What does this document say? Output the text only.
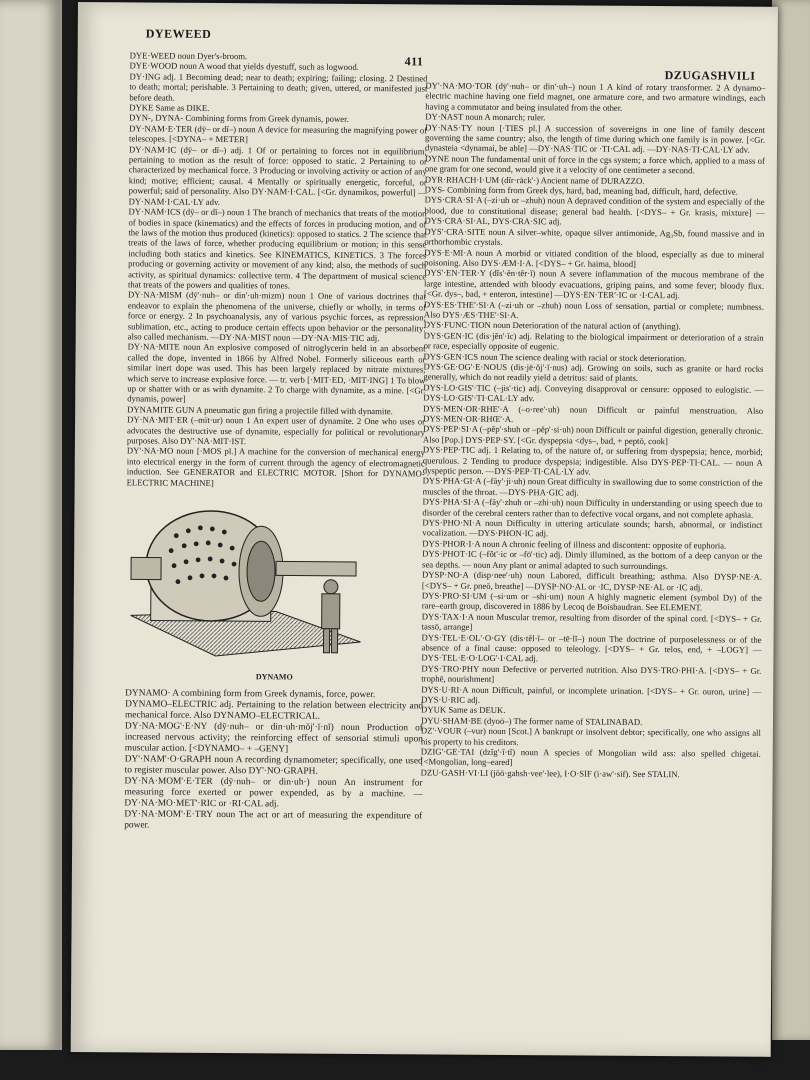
DYEWEED
411
DZUGASHVILI

DYE·WEED noun Dyer's-broom.

DYE·WOOD noun A wood that yields dyestuff, such as logwood.

DY·ING adj. 1 Becoming dead; near to death; expiring; failing; closing. 2 Destined to death; mortal; perishable. 3 Pertaining to death; given, uttered, or manifested just before death.

DYKE Same as DIKE.

DYN-, DYNA- Combining forms from Greek dynamis, power.

DY·NAM·E·TER (dȳ– or dĭ–) noun A device for measuring the magnifying power of telescopes. [<DYNA– + METER]

DY·NAM·IC (dȳ– or dĭ–) adj. 1 Of or pertaining to forces not in equilibrium; pertaining to motion as the result of force: opposed to static. 2 Pertaining to or characterized by mechanical force. 3 Producing or involving activity or action of any kind; motive; efficient; causal. 4 Mentally or spiritually energetic, forceful, or powerful; said of personality. Also DY·NAM·I·CAL. [<Gr. dynamikos, powerful] —DY·NAM·I·CAL·LY adv.

DY·NAM·ICS (dȳ– or dĭ–) noun 1 The branch of mechanics that treats of the motion of bodies in space (kinematics) and the effects of forces in producing motion, and of the laws of the motion thus produced (kinetics): opposed to statics. 2 The science that treats of the laws of force, whether producing equilibrium or motion; in this sense including both statics and kinetics. See KINEMATICS, KINETICS. 3 The forces producing or governing activity or movement of any kind; also, the methods of such activity, as spiritual dynamics: collective term. 4 The department of musical science that treats of the powers and qualities of tones.

DY·NA·MISM (dȳ'·nuh– or din'·uh·mizm) noun 1 One of various doctrines that endeavor to explain the phenomena of the universe, chiefly or wholly, in terms of force or energy. 2 In psychoanalysis, any of various psychic forces, as repression, sublimation, etc., acting to produce certain effects upon behavior or the personality: also called mechanism. —DY·NA·MIST noun —DY·NA·MIS·TIC adj.

DY·NA·MITE noun An explosive composed of nitroglycerin held in an absorbent called the dope, invented in 1866 by Alfred Nobel. Formerly siliceous earth or similar inert dope was used. This has been largely replaced by nitrate mixtures, which serve to increase explosive force. — tr. verb [·MIT·ED, ·MIT·ING] 1 To blow up or shatter with or as with dynamite. 2 To charge with dynamite, as a mine. [<Gr. dynamis, power]

DYNAMITE GUN A pneumatic gun firing a projectile filled with dynamite.

DY·NA·MIT·ER (–mīt·ur) noun 1 An expert user of dynamite. 2 One who uses or advocates the destructive use of dynamite, especially for political or revolutionary purposes. Also DY'·NA·MIT·IST.

DY'·NA·MO noun [·MOS pl.] A machine for the conversion of mechanical energy into electrical energy in the form of current through the agency of electromagnetic induction. See GENERATOR and ELECTRIC MOTOR. [Short for DYNAMO-ELECTRIC MACHINE]

DYNAMO

DYNAMO· A combining form from Greek dynamis, force, power.

DYNAMO–ELECTRIC adj. Pertaining to the relation between electricity and mechanical force. Also DYNAMO–ELECTRICAL.

DY·NA·MOG'·E·NY (dȳ·nuh– or din·uh·mŏj'·ĭ·nĭ) noun Production of increased nervous activity; the reinforcing effect of sensorial stimuli upon muscular action. [<DYNAMO– + –GENY]

DY'·NAM'·O·GRAPH noun A recording dynamometer; specifically, one used to register muscular power. Also DY'·NO·GRAPH.

DY·NA·MOM'·E·TER (dȳ·nuh– or din·uh·) noun An instrument for measuring force exerted or power expended, as by a machine. —DY·NA·MO·MET'·RIC or ·RI·CAL adj.

DY·NA·MOM'·E·TRY noun The act or art of measuring the expenditure of power.

DY'·NA·MO·TOR (dȳ'·nuh– or din'·uh–) noun 1 A kind of rotary transformer. 2 A dynamo–electric machine having one field magnet, one armature core, and two armature windings, each having a commutator and being insulated from the other.

DY·NAST noun A monarch; ruler.

DY·NAS·TY noun [·TIES pl.] A succession of sovereigns in one line of family descent governing the same country; also, the length of time during which one family is in power. [<Gr. dynasteia <dynamai, be able] —DY·NAS·TIC or ·TI·CAL adj. —DY·NAS·TI·CAL·LY adv.

DYNE noun The fundamental unit of force in the cgs system; a force which, applied to a mass of one gram for one second, would give it a velocity of one centimeter a second.

DYR·RHACH·I·UM (dĭr·rāck'·) Ancient name of DURAZZO.

DYS- Combining form from Greek dys, hard, bad, meaning bad, difficult, hard, defective.

DYS·CRA·SI·A (–zi·uh or –zhuh) noun A depraved condition of the system and especially of the blood, due to constitutional disease; general bad health. [<DYS– + Gr. krasis, mixture] —DYS·CRA·SI·AL, DYS·CRA·SIC adj.

DYS'·CRA·SITE noun A silver–white, opaque silver antimonide, Ag₃Sb, found massive and in orthorhombic crystals.

DYS·E·MI·A noun A morbid or vitiated condition of the blood, especially as due to mineral poisoning. Also DYS·ÆM·I·A. [<DYS– + Gr. haima, blood]

DYS'·EN·TER·Y (dĭs'·ĕn·tĕr·ĭ) noun A severe inflammation of the mucous membrane of the large intestine, attended with bloody evacuations, griping pains, and some fever; bloody flux. [<Gr. dys–, bad, + enteron, intestine] —DYS·EN·TER'·IC or ·I·CAL adj.

DYS·ES·THE'·SI·A (–zi·uh or –zhuh) noun Loss of sensation, partial or complete; numbness. Also DYS·ÆS·THE'·SI·A.

DYS·FUNC·TION noun Deterioration of the natural action of (anything).

DYS·GEN·IC (dis·jĕn'·ĭc) adj. Relating to the biological impairment or deterioration of a strain or race, especially opposite of eugenic.

DYS·GEN·ICS noun The science dealing with racial or stock deterioration.

DYS·GE·OG'·E·NOUS (dis·jē·ŏj'·ĭ·nus) adj. Growing on soils, such as granite or hard rocks generally, which do not readily yield a detritus: said of plants.

DYS·LO·GIS'·TIC (–jis'·tic) adj. Conveying disapproval or censure: opposed to eulogistic. —DYS·LO·GIS'·TI·CAL·LY adv.

DYS·MEN·OR·RHE'·A (–o·ree'·uh) noun Difficult or painful menstruation. Also DYS·MEN·OR·RHŒ'·A.

DYS·PEP·SI·A (–pĕp'·shuh or –pĕp'·si·uh) noun Difficult or painful digestion, generally chronic. Also [Pop.] DYS·PEP·SY. [<Gr. dyspepsia <dys–, bad, + peptō, cook]

DYS·PEP·TIC adj. 1 Relating to, of the nature of, or suffering from dyspepsia; hence, morbid; querulous. 2 Tending to produce dyspepsia; indigestible. Also DYS·PEP·TI·CAL. — noun A dyspeptic person. —DYS·PEP·TI·CAL·LY adv.

DYS·PHA·GI·A (–fāy'·ji·uh) noun Great difficulty in swallowing due to some constriction of the muscles of the throat. —DYS·PHA·GIC adj.

DYS·PHA·SI·A (–fāy'·zhuh or –zhi·uh) noun Difficulty in understanding or using speech due to disorder of the cerebral centers rather than to defective vocal organs, and not complete aphasia.

DYS·PHO·NI·A noun Difficulty in uttering articulate sounds; harsh, abnormal, or indistinct vocalization. —DYS·PHON·IC adj.

DYS·PHOR·I·A noun A chronic feeling of illness and discontent: opposite of euphoria.

DYS·PHOT·IC (–fŏt'·ic or –fō'·tic) adj. Dimly illumined, as the bottom of a deep canyon or the sea depths. — noun Any plant or animal adapted to such surroundings.

DYSP·NO·A (disp·nee'·uh) noun Labored, difficult breathing; asthma. Also DYSP·NE·A. [<DYS– + Gr. pneō, breathe] —DYSP·NO·AL or ·IC, DYSP·NE·AL or ·IC adj.

DYS·PRO·SI·UM (–si·um or –shi·um) noun A highly magnetic element (symbol Dy) of the rare–earth group, discovered in 1886 by Lecoq de Boisbaudran. See ELEMENT.

DYS·TAX·I·A noun Muscular tremor, resulting from disorder of the spinal cord. [<DYS– + Gr. tassō, arrange]

DYS·TEL·E·OL'·O·GY (dis·tĕl·ĭ– or –tē·lĭ–) noun The doctrine of purposelessness or of the absence of a final cause: opposed to teleology. [<DYS– + Gr. telos, end, + –LOGY] —DYS·TEL·E·O·LOG'·I·CAL adj.

DYS·TRO·PHY noun Defective or perverted nutrition. Also DYS·TRO·PHI·A. [<DYS– + Gr. trophē, nourishment]

DYS·U·RI·A noun Difficult, painful, or incomplete urination. [<DYS– + Gr. ouron, urine] —DYS·U·RIC adj.

DYUK Same as DEUK.

DYU·SHAM·BE (dyoō–) The former name of STALINABAD.

DZ'·VOUR (–vur) noun [Scot.] A bankrupt or insolvent debtor; specifically, one who assigns all his property to his creditors.

DZIG'·GE·TAI (dzĭg'·ĭ·tĭ) noun A species of Mongolian wild ass: also spelled chigetai. [<Mongolian, long–eared]

DZU·GASH·VI·LI (jōō·gahsh·vee'·lee), I·O·SIF (i·aw'·sif). See STALIN.
